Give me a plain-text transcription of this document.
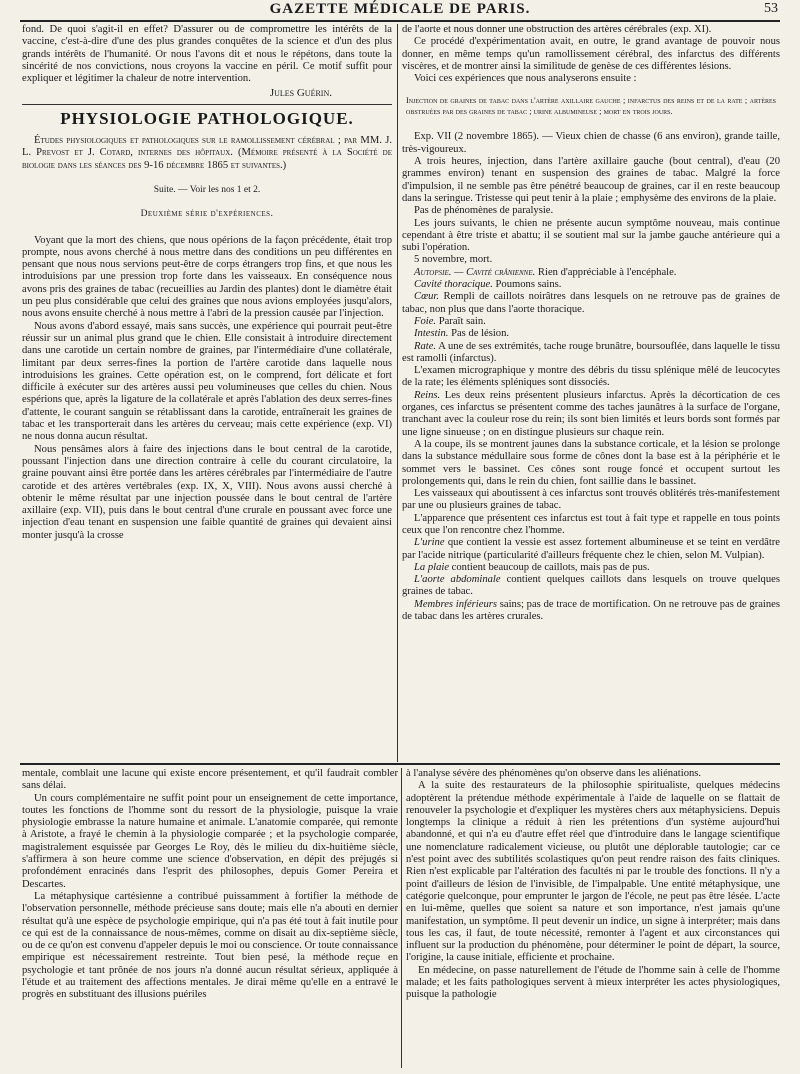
GAZETTE MÉDICALE DE PARIS.	53

fond. De quoi s'agit-il en effet? D'assurer ou de compromettre les intérêts de la vaccine, c'est-à-dire d'une des plus grandes conquêtes de la science et d'un des plus grands intérêts de l'humanité. Or nous l'avons dit et nous le répétons, dans toute la sincérité de nos convictions, nous croyons la vaccine en péril. Ce motif suffit pour expliquer et légitimer la chaleur de notre intervention.

Jules Guérin.
PHYSIOLOGIE PATHOLOGIQUE.

Études physiologiques et pathologiques sur le ramollissement cérébral ; par MM. J. L. Prevost et J. Cotard, internes des hôpitaux. (Mémoire présenté à la Société de biologie dans les séances des 9-16 décembre 1865 et suivantes.)

Suite. — Voir les nos 1 et 2.
Deuxième série d'expériences.

Voyant que la mort des chiens, que nous opérions de la façon précédente, était trop prompte, nous avons cherché à nous mettre dans des conditions un peu différentes en pensant que nous nous servions peut-être de corps étrangers trop fins, et que nous les introduisions par une pression trop forte dans les vaisseaux. En conséquence nous avons pris des graines de tabac (recueillies au Jardin des plantes) dont le diamètre était un peu plus considérable que celui des graines que nous avions employées jusqu'alors, nous avons ensuite cherché à nous mettre à l'abri de la pression causée par l'injection.

Nous avons d'abord essayé, mais sans succès, une expérience qui pourrait peut-être réussir sur un animal plus grand que le chien. Elle consistait à introduire directement dans une carotide un certain nombre de graines, par l'intermédiaire d'une collatérale, limitant par deux serres-fines la portion de l'artère carotide dans laquelle nous introduisions les graines. Cette opération est, on le comprend, fort délicate et fort difficile à exécuter sur des artères aussi peu volumineuses que celles du chien. Nous espérions que, après la ligature de la collatérale et après l'ablation des deux serres-fines d'attente, le courant sanguin se rétablissant dans la carotide, entraînerait les graines de tabac et les transporterait dans les artères du cerveau; mais cette expérience (exp. VI) ne nous donna aucun résultat.

Nous pensâmes alors à faire des injections dans le bout central de la carotide, poussant l'injection dans une direction contraire à celle du courant circulatoire, la graine pouvant ainsi être portée dans les artères cérébrales par l'intermédiaire de l'autre carotide et des artères vertébrales (exp. IX, X, VIII). Nous avons aussi cherché à obtenir le même résultat par une injection poussée dans le bout central de l'artère axillaire (exp. VII), puis dans le bout central d'une crurale en poussant avec force une injection d'eau tenant en suspension une faible quantité de graines qui devaient ainsi monter jusqu'à la crosse

de l'aorte et nous donner une obstruction des artères cérébrales (exp. XI).

Ce procédé d'expérimentation avait, en outre, le grand avantage de pouvoir nous donner, en même temps qu'un ramollissement cérébral, des infarctus des différents viscères, et de montrer ainsi la similitude de genèse de ces différentes lésions.

Voici ces expériences que nous analyserons ensuite :

Injection de graines de tabac dans l'artère axillaire gauche ; infarctus des reins et de la rate ; artères obstruées par des graines de tabac ; urine albumineuse ; mort en trois jours.

Exp. VII (2 novembre 1865). — Vieux chien de chasse (6 ans environ), grande taille, très-vigoureux.

A trois heures, injection, dans l'artère axillaire gauche (bout central), d'eau (20 grammes environ) tenant en suspension des graines de tabac. Malgré la force d'impulsion, il ne semble pas être pénétré beaucoup de graines, car il en reste beaucoup dans la seringue. Tristesse qui peut tenir à la plaie ; emphysème des environs de la plaie.

Pas de phénomènes de paralysie.

Les jours suivants, le chien ne présente aucun symptôme nouveau, mais continue cependant à être triste et abattu; il se soutient mal sur la jambe gauche antérieure qui a subi l'opération.

5 novembre, mort.

Autopsie. — Cavité crânienne. Rien d'appréciable à l'encéphale.

Cavité thoracique. Poumons sains.

Cœur. Rempli de caillots noirâtres dans lesquels on ne retrouve pas de graines de tabac, non plus que dans l'aorte thoracique.

Foie. Paraît sain.

Intestin. Pas de lésion.

Rate. A une de ses extrémités, tache rouge brunâtre, boursouflée, dans laquelle le tissu est ramolli (infarctus).

L'examen micrographique y montre des débris du tissu splénique mêlé de leucocytes de la rate; les éléments spléniques sont dissociés.

Reins. Les deux reins présentent plusieurs infarctus. Après la décortication de ces organes, ces infarctus se présentent comme des taches jaunâtres à la surface de l'organe, tranchant avec la couleur rose du rein; ils sont bien limités et leurs bords sont formés par une ligne sinueuse ; on en distingue plusieurs sur chaque rein.

A la coupe, ils se montrent jaunes dans la substance corticale, et la lésion se prolonge dans la substance médullaire sous forme de cônes dont la base est à la périphérie et le sommet vers le bassinet. Ces cônes sont rouge foncé et occupent surtout les prolongements qui, dans le rein du chien, font saillie dans le bassinet.

Les vaisseaux qui aboutissent à ces infarctus sont trouvés oblitérés très-manifestement par une ou plusieurs graines de tabac.

L'apparence que présentent ces infarctus est tout à fait type et rappelle en tous points ceux que l'on rencontre chez l'homme.

L'urine que contient la vessie est assez fortement albumineuse et se teint en verdâtre par l'acide nitrique (particularité d'ailleurs fréquente chez le chien, selon M. Vulpian).

La plaie contient beaucoup de caillots, mais pas de pus.

L'aorte abdominale contient quelques caillots dans lesquels on trouve quelques graines de tabac.

Membres inférieurs sains; pas de trace de mortification. On ne retrouve pas de graines de tabac dans les artères crurales.

mentale, comblait une lacune qui existe encore présentement, et qu'il faudrait combler sans délai.

Un cours complémentaire ne suffit point pour un enseignement de cette importance, toutes les fonctions de l'homme sont du ressort de la physiologie, puisque la vraie physiologie embrasse la nature humaine et animale. L'anatomie comparée, qui remonte à Aristote, a frayé le chemin à la physiologie comparée ; et la psychologie comparée, magistralement esquissée par Georges Le Roy, dès le milieu du dix-huitième siècle, s'affirmera à son heure comme une science d'observation, en dépit des préjugés si profondément enracinés dans l'esprit des philosophes, depuis Gomer Pereira et Descartes.

La métaphysique cartésienne a contribué puissamment à fortifier la méthode de l'observation personnelle, méthode précieuse sans doute; mais elle n'a abouti en dernier résultat qu'à une espèce de psychologie empirique, qui n'a pas été tout à fait inutile pour ce qui est de la connaissance de nous-mêmes, comme on disait au dix-septième siècle, ou de ce qu'on est convenu d'appeler depuis le moi ou conscience. Or toute connaissance empirique est nécessairement restreinte. Tout bien pesé, la méthode reçue en psychologie et tant prônée de nos jours n'a donné aucun résultat sérieux, appliquée à l'étude et au traitement des affections mentales. Je dirai même qu'elle en a entravé le progrès en substituant des illusions puériles

à l'analyse sévère des phénomènes qu'on observe dans les aliénations.

A la suite des restaurateurs de la philosophie spiritualiste, quelques médecins adoptèrent la prétendue méthode expérimentale à l'aide de laquelle on se flattait de renouveler la psychologie et d'expliquer les mystères chers aux métaphysiciens. Depuis longtemps la clinique a réduit à rien les prétentions d'un système aujourd'hui abandonné, et qui n'a eu d'autre effet réel que d'introduire dans le langage scientifique une nomenclature radicalement vicieuse, ou plutôt une déplorable tautologie; car ce n'est point avec des subtilités scolastiques qu'on peut rendre raison des faits cliniques. Rien n'est explicable par l'altération des facultés ni par le trouble des fonctions. Il n'y a point d'ailleurs de lésion de l'invisible, de l'impalpable. Une entité métaphysique, une catégorie quelconque, pour emprunter le jargon de l'école, ne peut pas être lésée. L'acte en lui-même, quelles que soient sa nature et son importance, n'est jamais qu'une manifestation, un symptôme. Il peut devenir un indice, un signe à interpréter; mais dans tous les cas, il faut, de toute nécessité, remonter à l'agent et aux circonstances qui influent sur la production du phénomène, pour déterminer le point de départ, la source, l'origine, la cause initiale, efficiente et prochaine.

En médecine, on passe naturellement de l'étude de l'homme sain à celle de l'homme malade; et les faits pathologiques servent à mieux interpréter les actes physiologiques, puisque la pathologie
